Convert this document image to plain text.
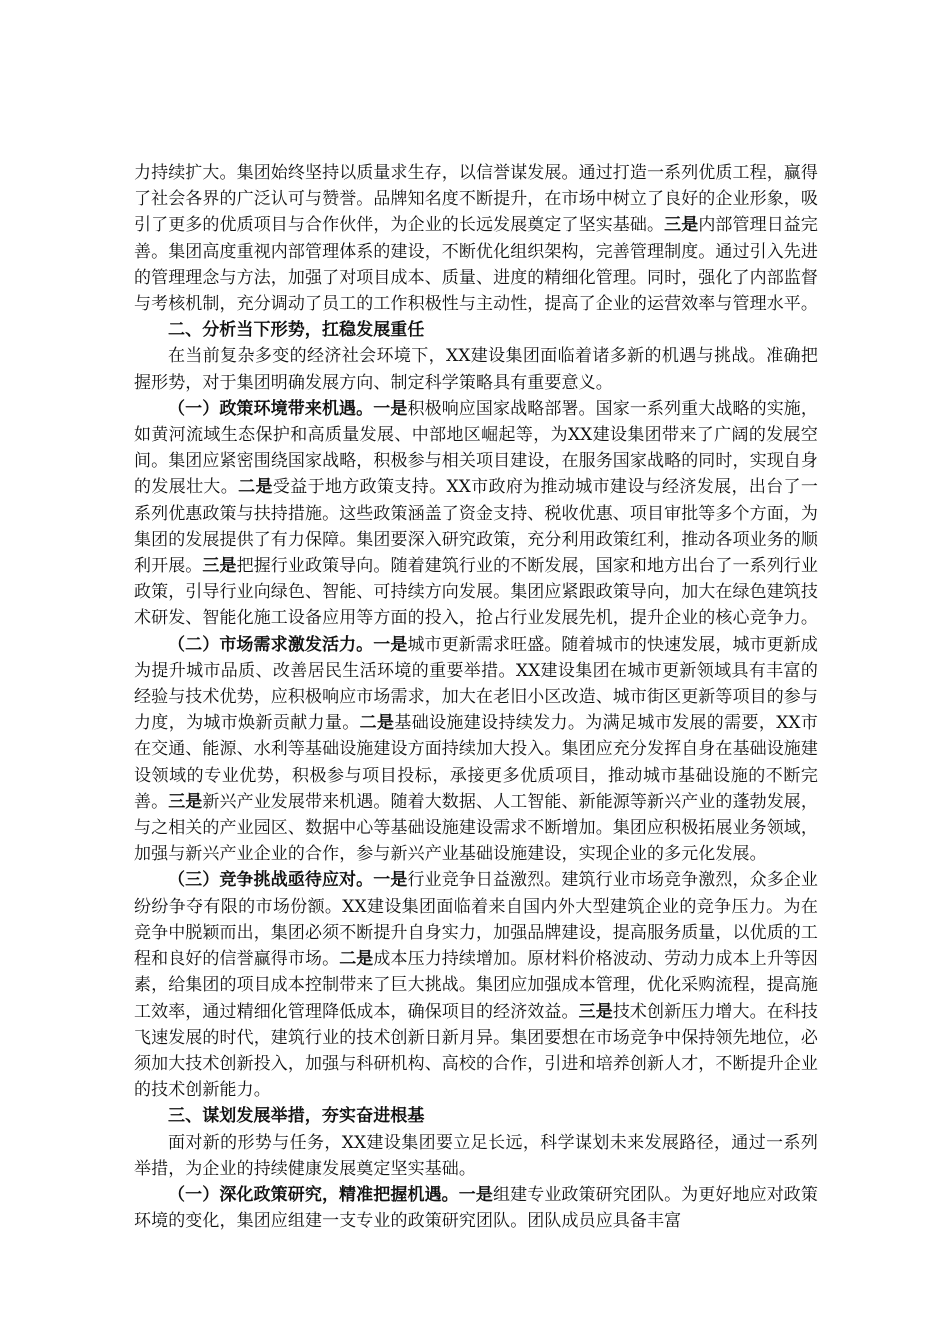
力持续扩大。集团始终坚持以质量求生存，以信誉谋发展。通过打造一系列优质工程，赢得了社会各界的广泛认可与赞誉。品牌知名度不断提升，在市场中树立了良好的企业形象，吸引了更多的优质项目与合作伙伴，为企业的长远发展奠定了坚实基础。三是内部管理日益完善。集团高度重视内部管理体系的建设，不断优化组织架构，完善管理制度。通过引入先进的管理理念与方法，加强了对项目成本、质量、进度的精细化管理。同时，强化了内部监督与考核机制，充分调动了员工的工作积极性与主动性，提高了企业的运营效率与管理水平。

二、分析当下形势，扛稳发展重任

在当前复杂多变的经济社会环境下，XX建设集团面临着诸多新的机遇与挑战。准确把握形势，对于集团明确发展方向、制定科学策略具有重要意义。

（一）政策环境带来机遇。一是积极响应国家战略部署。国家一系列重大战略的实施，如黄河流域生态保护和高质量发展、中部地区崛起等，为XX建设集团带来了广阔的发展空间。集团应紧密围绕国家战略，积极参与相关项目建设，在服务国家战略的同时，实现自身的发展壮大。二是受益于地方政策支持。XX市政府为推动城市建设与经济发展，出台了一系列优惠政策与扶持措施。这些政策涵盖了资金支持、税收优惠、项目审批等多个方面，为集团的发展提供了有力保障。集团要深入研究政策，充分利用政策红利，推动各项业务的顺利开展。三是把握行业政策导向。随着建筑行业的不断发展，国家和地方出台了一系列行业政策，引导行业向绿色、智能、可持续方向发展。集团应紧跟政策导向，加大在绿色建筑技术研发、智能化施工设备应用等方面的投入，抢占行业发展先机，提升企业的核心竞争力。

（二）市场需求激发活力。一是城市更新需求旺盛。随着城市的快速发展，城市更新成为提升城市品质、改善居民生活环境的重要举措。XX建设集团在城市更新领域具有丰富的经验与技术优势，应积极响应市场需求，加大在老旧小区改造、城市街区更新等项目的参与力度，为城市焕新贡献力量。二是基础设施建设持续发力。为满足城市发展的需要，XX市在交通、能源、水利等基础设施建设方面持续加大投入。集团应充分发挥自身在基础设施建设领域的专业优势，积极参与项目投标，承接更多优质项目，推动城市基础设施的不断完善。三是新兴产业发展带来机遇。随着大数据、人工智能、新能源等新兴产业的蓬勃发展，与之相关的产业园区、数据中心等基础设施建设需求不断增加。集团应积极拓展业务领域，加强与新兴产业企业的合作，参与新兴产业基础设施建设，实现企业的多元化发展。

（三）竞争挑战亟待应对。一是行业竞争日益激烈。建筑行业市场竞争激烈，众多企业纷纷争夺有限的市场份额。XX建设集团面临着来自国内外大型建筑企业的竞争压力。为在竞争中脱颖而出，集团必须不断提升自身实力，加强品牌建设，提高服务质量，以优质的工程和良好的信誉赢得市场。二是成本压力持续增加。原材料价格波动、劳动力成本上升等因素，给集团的项目成本控制带来了巨大挑战。集团应加强成本管理，优化采购流程，提高施工效率，通过精细化管理降低成本，确保项目的经济效益。三是技术创新压力增大。在科技飞速发展的时代，建筑行业的技术创新日新月异。集团要想在市场竞争中保持领先地位，必须加大技术创新投入，加强与科研机构、高校的合作，引进和培养创新人才，不断提升企业的技术创新能力。

三、谋划发展举措，夯实奋进根基

面对新的形势与任务，XX建设集团要立足长远，科学谋划未来发展路径，通过一系列举措，为企业的持续健康发展奠定坚实基础。

（一）深化政策研究，精准把握机遇。一是组建专业政策研究团队。为更好地应对政策环境的变化，集团应组建一支专业的政策研究团队。团队成员应具备丰富
